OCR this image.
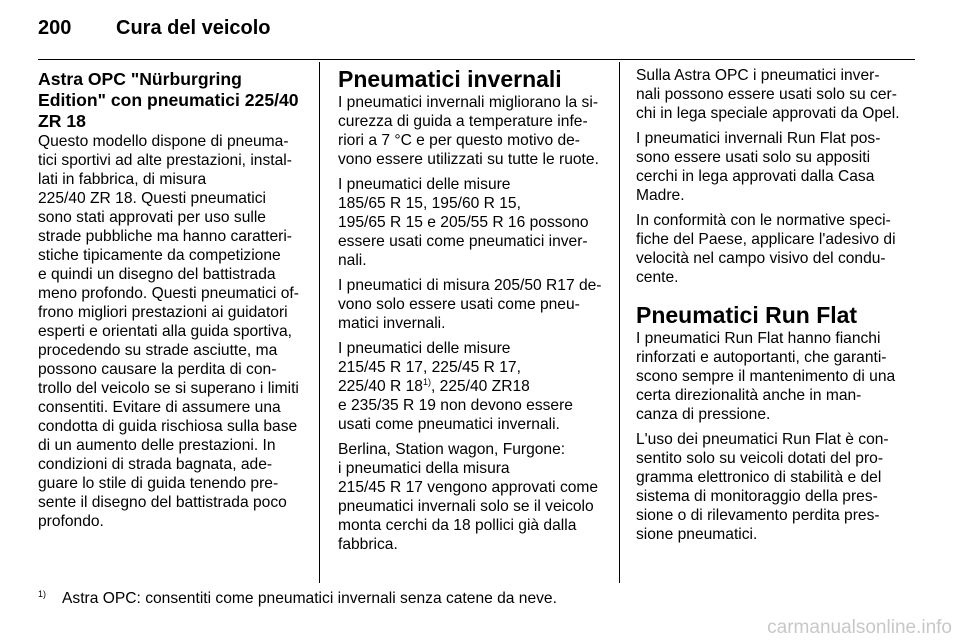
200 Cura del veicolo
Astra OPC "Nürburgring
Edition" con pneumatici 225/40
ZR 18
Questo modello dispone di pneuma-
tici sportivi ad alte prestazioni, instal-
lati in fabbrica, di misura
225/40 ZR 18. Questi pneumatici
sono stati approvati per uso sulle
strade pubbliche ma hanno caratteri-
stiche tipicamente da competizione
e quindi un disegno del battistrada
meno profondo. Questi pneumatici of-
frono migliori prestazioni ai guidatori
esperti e orientati alla guida sportiva,
procedendo su strade asciutte, ma
possono causare la perdita di con-
trollo del veicolo se si superano i limiti
consentiti. Evitare di assumere una
condotta di guida rischiosa sulla base
di un aumento delle prestazioni. In
condizioni di strada bagnata, ade-
guare lo stile di guida tenendo pre-
sente il disegno del battistrada poco
profondo.
Pneumatici invernali
I pneumatici invernali migliorano la si-
curezza di guida a temperature infe-
riori a 7 °C e per questo motivo de-
vono essere utilizzati su tutte le ruote.
I pneumatici delle misure
185/65 R 15, 195/60 R 15,
195/65 R 15 e 205/55 R 16 possono
essere usati come pneumatici inver-
nali.
I pneumatici di misura 205/50 R17 de-
vono solo essere usati come pneu-
matici invernali.
I pneumatici delle misure
215/45 R 17, 225/45 R 17,
225/40 R 18$^{1)}$, 225/40 ZR18
e 235/35 R 19 non devono essere
usati come pneumatici invernali.
Berlina, Station wagon, Furgone:
i pneumatici della misura
215/45 R 17 vengono approvati come
pneumatici invernali solo se il veicolo
monta cerchi da 18 pollici già dalla
fabbrica.
Sulla Astra OPC i pneumatici inver-
nali possono essere usati solo su cer-
chi in lega speciale approvati da Opel.
I pneumatici invernali Run Flat pos-
sono essere usati solo su appositi
cerchi in lega approvati dalla Casa
Madre.
In conformità con le normative speci-
fiche del Paese, applicare l'adesivo di
velocità nel campo visivo del condu-
cente.
Pneumatici Run Flat
I pneumatici Run Flat hanno fianchi
rinforzati e autoportanti, che garanti-
scono sempre il mantenimento di una
certa direzionalità anche in man-
canza di pressione.
L'uso dei pneumatici Run Flat è con-
sentito solo su veicoli dotati del pro-
gramma elettronico di stabilità e del
sistema di monitoraggio della pres-
sione o di rilevamento perdita pres-
sione pneumatici.
$^{1)}$ Astra OPC: consentiti come pneumatici invernali senza catene da neve.
carmanualsonline.info
